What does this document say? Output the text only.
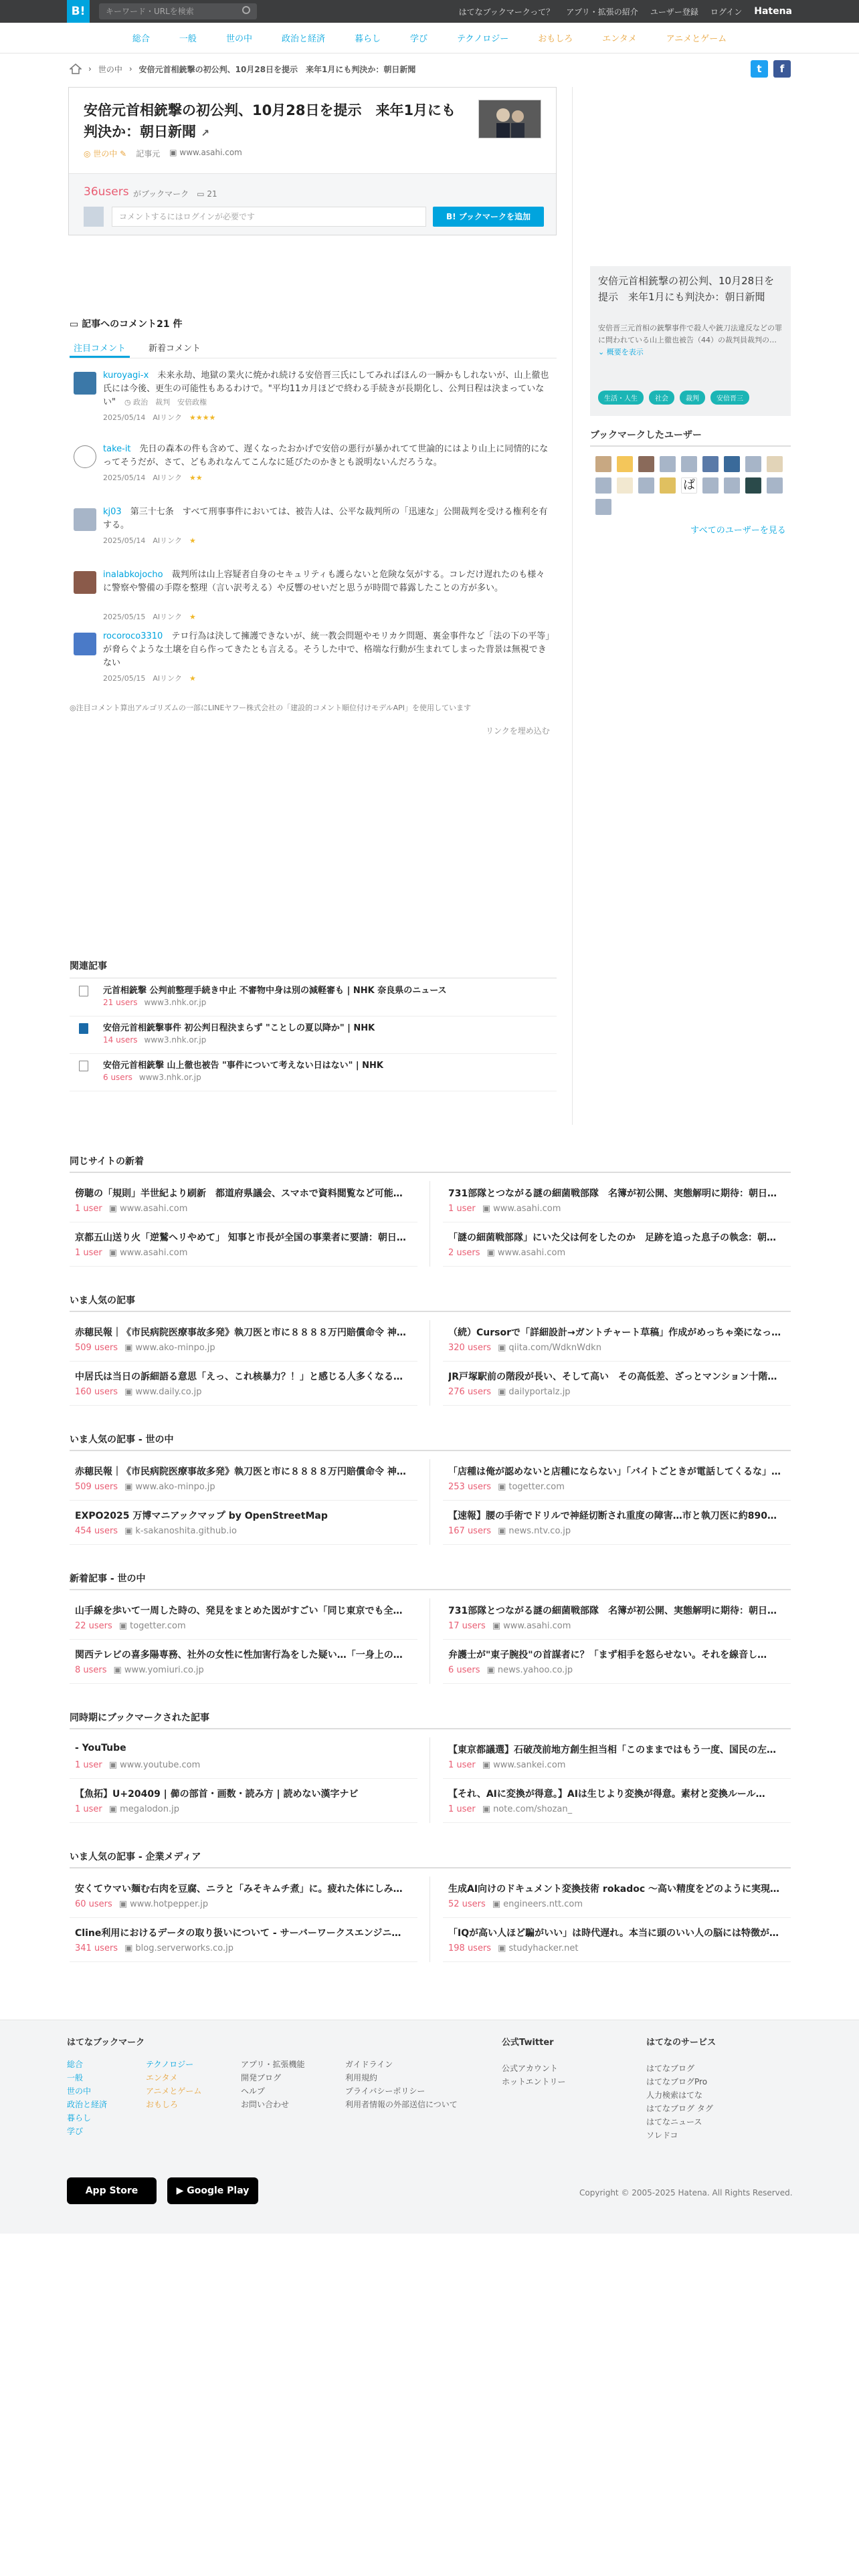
B!	キーワード・URLを検索	はてなブックマークって？ アプリ・拡張の紹介 ユーザー登録 ログイン Hatena
総合	一般	世の中	政治と経済	暮らし	学び	テクノロジー	おもしろ	エンタメ	アニメとゲーム
› 世の中 › 安倍元首相銃撃の初公判、10月28日を提示　来年1月にも判決か：朝日新聞	t	f
安倍元首相銃撃の初公判、10月28日を提示　来年1月にも判決か：朝日新聞 ↗
◎ 世の中 ✎ 記事元 ▣ www.asahi.com
36users がブックマーク　 ▭ 21
コメントするにはログインが必要です	B! ブックマークを追加
安倍元首相銃撃の初公判、10月28日を提示　来年1月にも判決か：朝日新聞
安倍晋三元首相の銃撃事件で殺人や銃刀法違反などの罪に問われている山上徹也被告（44）の裁判員裁判の… ⌄ 概要を表示
生活・人生	社会	裁判	安倍晋三
ブックマークしたユーザー
ぱ
すべてのユーザーを見る
▭ 記事へのコメント21 件
注目コメント	新着コメント
kuroyagi-x　 未来永劫、地獄の業火に焼かれ続ける安倍晋三氏にしてみればほんの一瞬かもしれないが、山上徹也氏には今後、更生の可能性もあるわけで。"平均11カ月ほどで終わる手続きが長期化し、公判日程は決まっていない"　 ◷ 政治　裁判　安倍政権
2025/05/14　 AIリンク　 ★★★★
take-it　 先日の森本の件も含めて、遅くなったおかげで安倍の悪行が暴かれてて世論的にはより山上に同情的になってそうだが、さて、どもあれなんてこんなに延びたのかきとも説明ないんだろうな。
2025/05/14　 AIリンク　 ★★
kj03　 第三十七条　すべて刑事事件においては、被告人は、公平な裁判所の「迅速な」公開裁判を受ける権利を有する。
2025/05/14　 AIリンク　 ★
inalabkojocho　 裁判所は山上容疑者自身のセキュリティも護らないと危険な気がする。コレだけ遅れたのも様々に警察や警備の手際を整理（言い訳考える）や反響のせいだと思うが時間で暮露したことの方が多い。
2025/05/15　 AIリンク　 ★
rocoroco3310　 テロ行為は決して擁護できないが、統一教会問題やモリカケ問題、裏金事件など「法の下の平等」が脅らぐような土壌を自ら作ってきたとも言える。そうした中で、格端な行動が生まれてしまった背景は無視できない
2025/05/15　 AIリンク　 ★
◎注目コメント算出アルゴリズムの一部にLINEヤフー株式会社の「建設的コメント順位付けモデルAPI」を使用しています
リンクを埋め込む
関連記事
元首相銃撃 公判前整理手続き中止 不審物中身は別の減軽審も | NHK 奈良県のニュース
21 users www3.nhk.or.jp
安倍元首相銃撃事件 初公判日程決まらず "ことしの夏以降か" | NHK
14 users www3.nhk.or.jp
安倍元首相銃撃 山上徹也被告 "事件について考えない日はない" | NHK
6 users www3.nhk.or.jp
同じサイトの新着
傍聴の「規則」半世紀より刷新　都道府県議会、スマホで資料閲覧など可能…
1 user ▣ www.asahi.com
731部隊とつながる謎の細菌戦部隊　名簿が初公開、実態解明に期待：朝日…
1 user ▣ www.asahi.com
京都五山送り火「逆鷲ヘリやめて」 知事と市長が全国の事業者に要請：朝日…
1 user ▣ www.asahi.com
「謎の細菌戦部隊」にいた父は何をしたのか　足跡を追った息子の執念：朝…
2 users ▣ www.asahi.com
いま人気の記事
赤穂民報｜《市民病院医療事故多発》執刀医と市に８８８８万円賠償命令 神…
509 users ▣ www.ako-minpo.jp
（続）Cursorで「詳細設計→ガントチャート草稿」作成がめっちゃ楽になっ…
320 users ▣ qiita.com/WdknWdkn
中居氏は当日の訴細語る意思「えっ、これ核暴力？！」と感じる人多くなる…
160 users ▣ www.daily.co.jp
JR戸塚駅前の階段が長い、そして高い　その高低差、ざっとマンション十階…
276 users ▣ dailyportalz.jp
いま人気の記事 - 世の中
赤穂民報｜《市民病院医療事故多発》執刀医と市に８８８８万円賠償命令 神…
509 users ▣ www.ako-minpo.jp
「店種は俺が認めないと店種にならない」「バイトごときが電話してくるな」…
253 users ▣ togetter.com
EXPO2025 万博マニアックマップ by OpenStreetMap
454 users ▣ k-sakanoshita.github.io
【速報】腰の手術でドリルで神経切断され重度の障害…市と執刀医に約890…
167 users ▣ news.ntv.co.jp
新着記事 - 世の中
山手線を歩いて一周した時の、発見をまとめた図がすごい「同じ東京でも全…
22 users ▣ togetter.com
731部隊とつながる謎の細菌戦部隊　名簿が初公開、実態解明に期待：朝日…
17 users ▣ www.asahi.com
関西テレビの喜多陽専務、社外の女性に性加害行為をした疑い…「一身上の…
8 users ▣ www.yomiuri.co.jp
弁護士が"東子腕投"の首謀者に？「まず相手を怒らせない。それを線音し…
6 users ▣ news.yahoo.co.jp
同時期にブックマークされた記事
- YouTube
1 user ▣ www.youtube.com
【東京都議選】石破茂前地方創生担当相「このままではもう一度、国民の左…
1 user ▣ www.sankei.com
【魚拓】U+20409 | 𠐉の部首・画数・読み方 | 読めない漢字ナビ
1 user ▣ megalodon.jp
【それ、AIに変換が得意。】AIは生じより変換が得意。素材と変換ルール…
1 user ▣ note.com/shozan_
いま人気の記事 - 企業メディア
安くてウマい麺む右肉を豆腐、ニラと「みそキムチ煮」に。疲れた体にしみ…
60 users ▣ www.hotpepper.jp
生成AI向けのドキュメント変換技術 rokadoc ～高い精度をどのように実現…
52 users ▣ engineers.ntt.com
Cline利用におけるデータの取り扱いについて - サーバーワークスエンジニ…
341 users ▣ blog.serverworks.co.jp
「IQが高い人ほど騙がいい」は時代遅れ。本当に頭のいい人の脳には特徴が…
198 users ▣ studyhacker.net
はてなブックマーク
総合
一般
世の中
政治と経済
暮らし
学び
テクノロジー
エンタメ
アニメとゲーム
おもしろ
アプリ・拡張機能
開発ブログ
ヘルプ
お問い合わせ
ガイドライン
利用規約
プライバシーポリシー
利用者情報の外部送信について
公式Twitter
公式アカウント
ホットエントリー
はてなのサービス
はてなブログ
はてなブログPro
人力検索はてな
はてなブログ タグ
はてなニュース
ソレドコ
App Store	▶ Google Play	Copyright © 2005-2025 Hatena. All Rights Reserved.
